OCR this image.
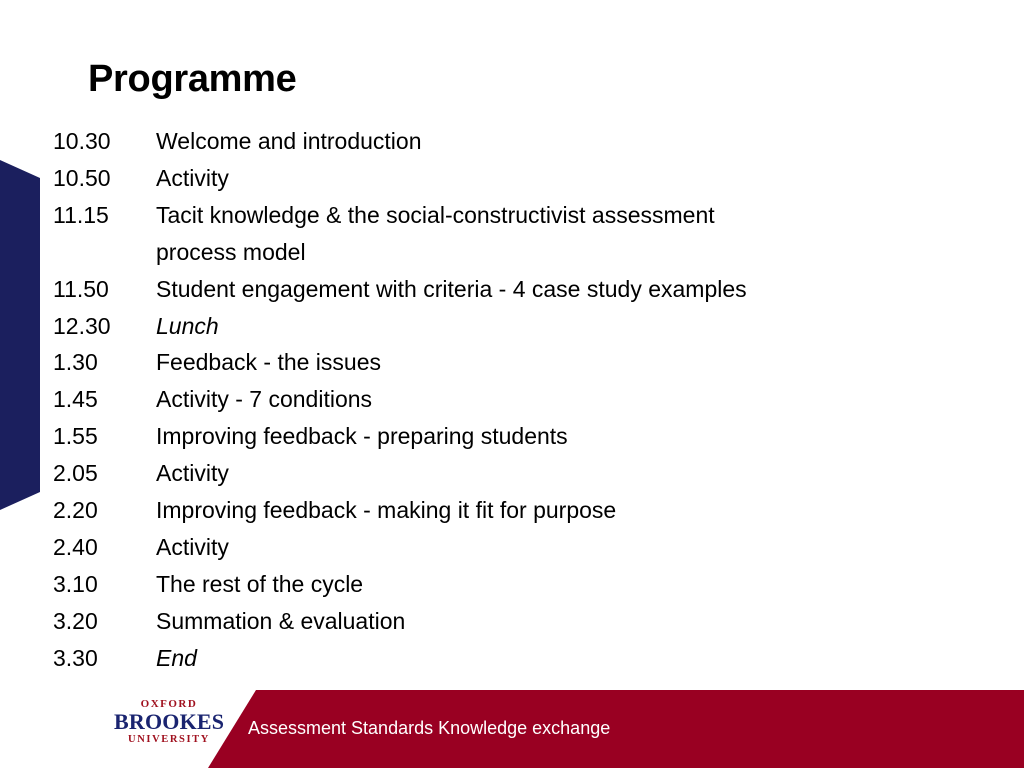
Programme
10.30	Welcome and introduction
10.50	Activity
11.15	Tacit knowledge & the social-constructivist assessment
process model
11.50	Student engagement with criteria - 4 case study examples
12.30	Lunch
1.30	Feedback - the issues
1.45	Activity - 7 conditions
1.55	Improving feedback - preparing students
2.05	Activity
2.20	Improving feedback - making it fit for purpose
2.40	Activity
3.10	The rest of the cycle
3.20	Summation & evaluation
3.30	End
OXFORD
BROOKES
UNIVERSITY
Assessment Standards Knowledge exchange
